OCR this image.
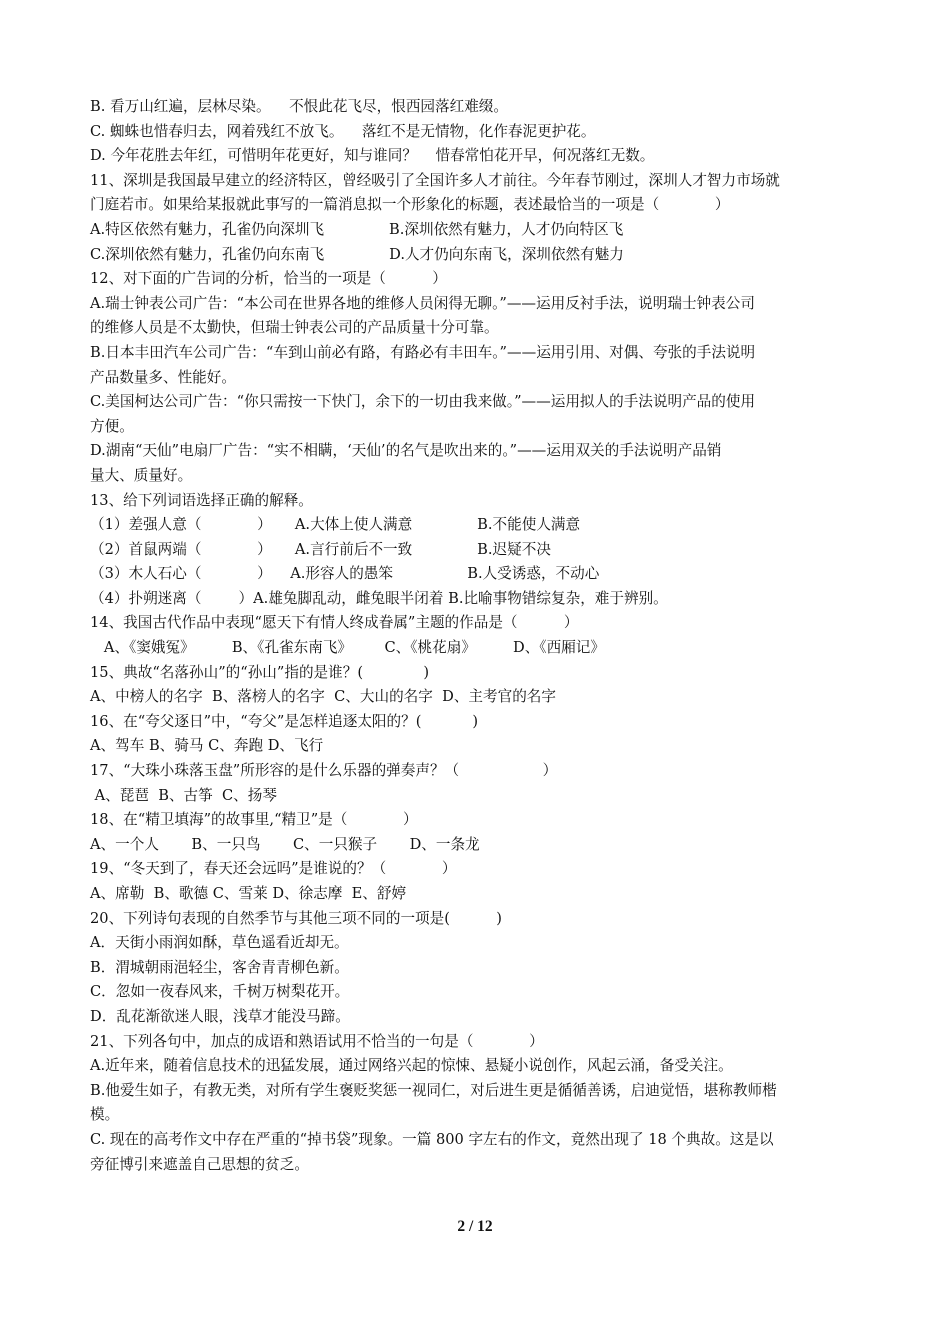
B. 看万山红遍，层林尽染。    不恨此花飞尽，恨西园落红难缀。

C. 蜘蛛也惜春归去，网着残红不放飞。    落红不是无情物，化作春泥更护花。

D. 今年花胜去年红，可惜明年花更好，知与谁同？    惜春常怕花开早，何况落红无数。

11、深圳是我国最早建立的经济特区，曾经吸引了全国许多人才前往。今年春节刚过，深圳人才智力市场就

门庭若市。如果给某报就此事写的一篇消息拟一个形象化的标题，表述最恰当的一项是（            ）

A.特区依然有魅力，孔雀仍向深圳飞              B.深圳依然有魅力，人才仍向特区飞

C.深圳依然有魅力，孔雀仍向东南飞              D.人才仍向东南飞，深圳依然有魅力

12、对下面的广告词的分析，恰当的一项是（          ）

A.瑞士钟表公司广告：“本公司在世界各地的维修人员闲得无聊。”——运用反衬手法，说明瑞士钟表公司

的维修人员是不太勤快，但瑞士钟表公司的产品质量十分可靠。

B.日本丰田汽车公司广告：“车到山前必有路，有路必有丰田车。”——运用引用、对偶、夸张的手法说明

产品数量多、性能好。

C.美国柯达公司广告：“你只需按一下快门，余下的一切由我来做。”——运用拟人的手法说明产品的使用

方便。

D.湖南“天仙”电扇厂广告：“实不相瞒，‘天仙’的名气是吹出来的。”——运用双关的手法说明产品销

量大、质量好。

13、给下列词语选择正确的解释。

（1）差强人意（            ）     A.大体上使人满意              B.不能使人满意

（2）首鼠两端（            ）     A.言行前后不一致              B.迟疑不决

（3）木人石心（            ）    A.形容人的愚笨                B.人受诱惑，不动心

（4）扑朔迷离（        ）A.雄兔脚乱动，雌兔眼半闭着 B.比喻事物错综复杂，难于辨别。

14、我国古代作品中表现“愿天下有情人终成眷属”主题的作品是（          ）

A、《窦娥冤》        B、《孔雀东南飞》       C、《桃花扇》        D、《西厢记》

15、典故“名落孙山”的“孙山”指的是谁？(             )

A、中榜人的名字  B、落榜人的名字  C、大山的名字  D、主考官的名字

16、在“夸父逐日”中，“夸父”是怎样追逐太阳的？(           )

A、驾车 B、骑马 C、奔跑 D、飞行

17、“大珠小珠落玉盘”所形容的是什么乐器的弹奏声？（                  ）

A、琵琶  B、古筝  C、扬琴

18、在“精卫填海”的故事里,“精卫”是（            ）

A、一个人       B、一只鸟       C、一只猴子       D、一条龙

19、“冬天到了，春天还会远吗”是谁说的？（            ）

A、席勒  B、歌德 C、雪莱 D、徐志摩  E、舒婷

20、下列诗句表现的自然季节与其他三项不同的一项是(          )

A．天街小雨润如酥，草色遥看近却无。

B．渭城朝雨浥轻尘，客舍青青柳色新。

C．忽如一夜春风来，千树万树梨花开。

D．乱花渐欲迷人眼，浅草才能没马蹄。

21、下列各句中，加点的成语和熟语试用不恰当的一句是（            ）

A.近年来，随着信息技术的迅猛发展，通过网络兴起的惊悚、悬疑小说创作，风起云涌，备受关注。

B.他爱生如子，有教无类，对所有学生褒贬奖惩一视同仁，对后进生更是循循善诱，启迪觉悟，堪称教师楷

模。

C. 现在的高考作文中存在严重的“掉书袋”现象。一篇 800 字左右的作文，竟然出现了 18 个典故。这是以

旁征博引来遮盖自己思想的贫乏。

2 / 12
